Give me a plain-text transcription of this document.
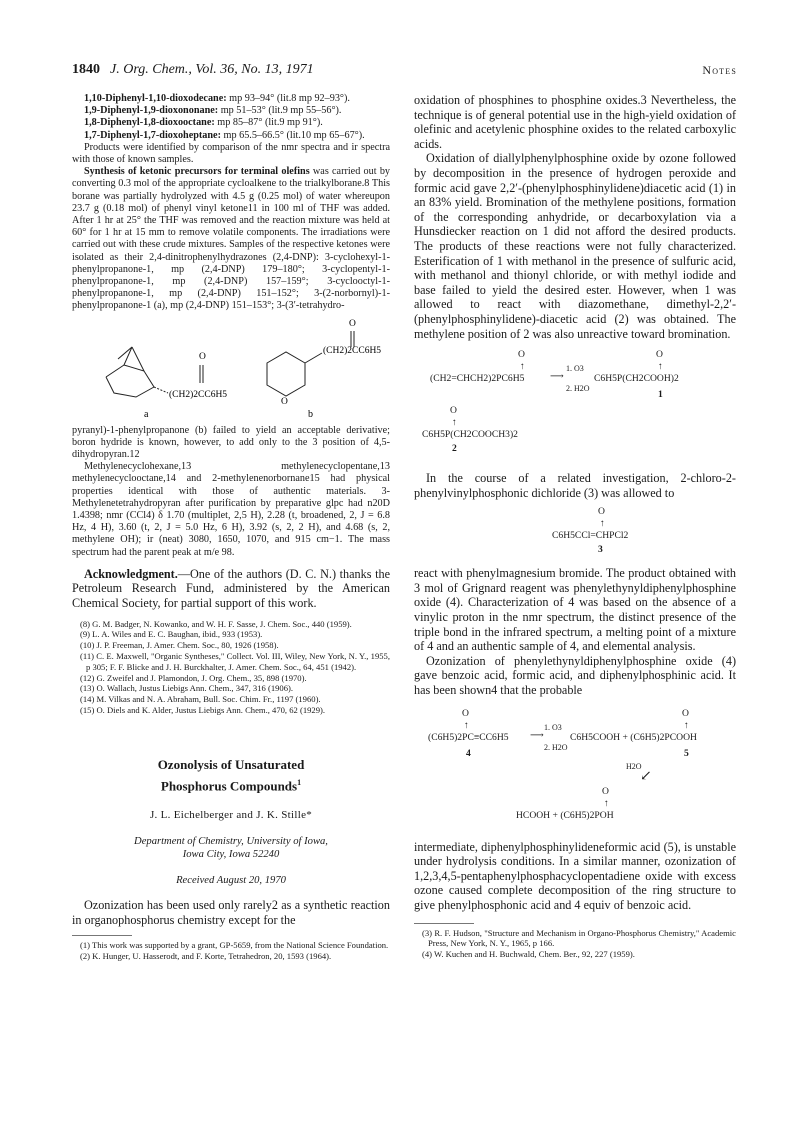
1840 J. Org. Chem., Vol. 36, No. 13, 1971	Notes

1,10-Diphenyl-1,10-dioxodecane: mp 93–94° (lit.8 mp 92–93°).

1,9-Diphenyl-1,9-dioxononane: mp 51–53° (lit.9 mp 55–56°).

1,8-Diphenyl-1,8-dioxooctane: mp 85–87° (lit.9 mp 91°).

1,7-Diphenyl-1,7-dioxoheptane: mp 65.5–66.5° (lit.10 mp 65–67°).

Products were identified by comparison of the nmr spectra and ir spectra with those of known samples.

Synthesis of ketonic precursors for terminal olefins was carried out by converting 0.3 mol of the appropriate cycloalkene to the trialkylborane.8 This borane was partially hydrolyzed with 4.5 g (0.25 mol) of water whereupon 23.7 g (0.18 mol) of phenyl vinyl ketone11 in 100 ml of THF was added. After 1 hr at 25° the THF was removed and the reaction mixture was held at 60° for 1 hr at 15 mm to remove volatile components. The irradiations were carried out with these crude mixtures. Samples of the respective ketones were isolated as their 2,4-dinitrophenylhydrazones (2,4-DNP): 3-cyclohexyl-1-phenylpropanone-1, mp (2,4-DNP) 179–180°; 3-cyclopentyl-1-phenylpropanone-1, mp (2,4-DNP) 157–159°; 3-cyclooctyl-1-phenylpropanone-1, mp (2,4-DNP) 151–152°; 3-(2-norbornyl)-1-phenylpropanone-1 (a), mp (2,4-DNP) 151–153°; 3-(3′-tetrahydro-

O
(CH2)2CC6H5
a
O
O
(CH2)2CC6H5
b

pyranyl)-1-phenylpropanone (b) failed to yield an acceptable derivative; boron hydride is known, however, to add only to the 3 position of 4,5-dihydropyran.12

Methylenecyclohexane,13 methylenecyclopentane,13 methylenecyclooctane,14 and 2-methylenenorbornane15 had physical properties identical with those of authentic materials. 3-Methylenetetrahydropyran after purification by preparative glpc had n20D 1.4398; nmr (CCl4) δ 1.70 (multiplet, 2,5 H), 2.28 (t, broadened, 2, J = 6.8 Hz, 4 H), 3.60 (t, 2, J = 5.0 Hz, 6 H), 3.92 (s, 2, 2 H), and 4.68 (s, 2, methylene OH); ir (neat) 3080, 1650, 1070, and 915 cm−1. The mass spectrum had the parent peak at m/e 98.

Acknowledgment.—One of the authors (D. C. N.) thanks the Petroleum Research Fund, administered by the American Chemical Society, for partial support of this work.

(8) G. M. Badger, N. Kowanko, and W. H. F. Sasse, J. Chem. Soc., 440 (1959).

(9) L. A. Wiles and E. C. Baughan, ibid., 933 (1953).

(10) J. P. Freeman, J. Amer. Chem. Soc., 80, 1926 (1958).

(11) C. E. Maxwell, "Organic Syntheses," Collect. Vol. III, Wiley, New York, N. Y., 1955, p 305; F. F. Blicke and J. H. Burckhalter, J. Amer. Chem. Soc., 64, 451 (1942).

(12) G. Zweifel and J. Plamondon, J. Org. Chem., 35, 898 (1970).

(13) O. Wallach, Justus Liebigs Ann. Chem., 347, 316 (1906).

(14) M. Vilkas and N. A. Abraham, Bull. Soc. Chim. Fr., 1197 (1960).

(15) O. Diels and K. Alder, Justus Liebigs Ann. Chem., 470, 62 (1929).

Ozonolysis of Unsaturated
Phosphorus Compounds$^1$
J. L. Eichelberger and J. K. Stille*
Department of Chemistry, University of Iowa,
Iowa City, Iowa 52240
Received August 20, 1970

Ozonization has been used only rarely2 as a synthetic reaction in organophosphorus chemistry except for the

(1) This work was supported by a grant, GP-5659, from the National Science Foundation.

(2) K. Hunger, U. Hasserodt, and F. Korte, Tetrahedron, 20, 1593 (1964).

oxidation of phosphines to phosphine oxides.3 Nevertheless, the technique is of general potential use in the high-yield oxidation of olefinic and acetylenic phosphine oxides to the related carboxylic acids.

Oxidation of diallylphenylphosphine oxide by ozone followed by decomposition in the presence of hydrogen peroxide and formic acid gave 2,2′-(phenylphosphinylidene)diacetic acid (1) in an 83% yield. Bromination of the methylene positions, formation of the corresponding anhydride, or decarboxylation via a Hunsdiecker reaction on 1 did not afford the desired products. The products of these reactions were not fully characterized. Esterification of 1 with methanol in the presence of sulfuric acid, with methanol and thionyl chloride, or with methyl iodide and base failed to yield the desired ester. However, when 1 was allowed to react with diazomethane, dimethyl-2,2′-(phenylphosphinylidene)-diacetic acid (2) was obtained. The methylene position of 2 was also unreactive toward bromination.

O	O
↑	↑
(CH2=CHCH2)2PC6H5
1. O3
⟶
2. H2O
C6H5P(CH2COOH)2
1
O
↑
C6H5P(CH2COOCH3)2
2

In the course of a related investigation, 2-chloro-2-phenylvinylphosphonic dichloride (3) was allowed to

O
↑
C6H5CCl=CHPCl2
3

react with phenylmagnesium bromide. The product obtained with 3 mol of Grignard reagent was phenylethynyldiphenylphosphine oxide (4). Characterization of 4 was based on the absence of a vinylic proton in the nmr spectrum, the distinct presence of the triple bond in the infrared spectrum, a melting point of a mixture of 4 and an authentic sample of 4, and elemental analysis.

Ozonization of phenylethynyldiphenylphosphine oxide (4) gave benzoic acid, formic acid, and diphenylphosphinic acid. It has been shown4 that the probable

O	O
↑	↑
(C6H5)2PC≡CC6H5
1. O3
⟶
2. H2O
C6H5COOH + (C6H5)2PCOOH
4	5
H2O
↙
O
↑
HCOOH + (C6H5)2POH

intermediate, diphenylphosphinylideneformic acid (5), is unstable under hydrolysis conditions. In a similar manner, ozonization of 1,2,3,4,5-pentaphenylphosphacyclopentadiene oxide with excess ozone caused complete decomposition of the ring structure to give phenylphosphonic acid and 4 equiv of benzoic acid.

(3) R. F. Hudson, "Structure and Mechanism in Organo-Phosphorus Chemistry," Academic Press, New York, N. Y., 1965, p 166.

(4) W. Kuchen and H. Buchwald, Chem. Ber., 92, 227 (1959).
